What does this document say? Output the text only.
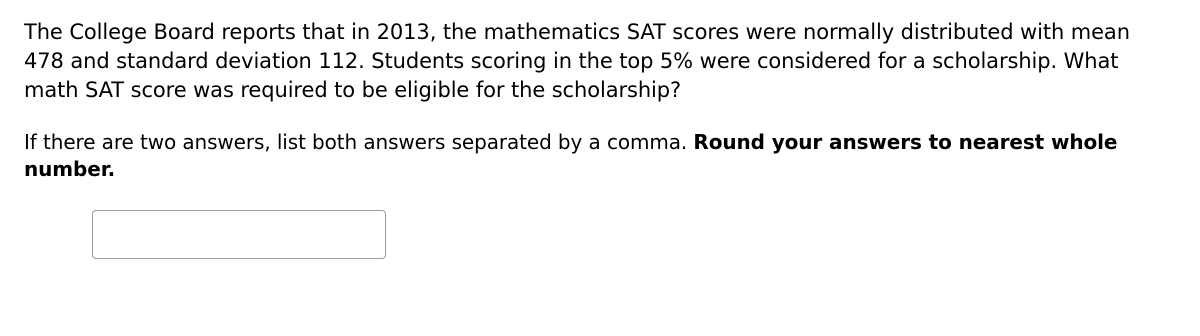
The College Board reports that in 2013, the mathematics SAT scores were normally distributed with mean 478 and standard deviation 112. Students scoring in the top 5% were considered for a scholarship. What math SAT score was required to be eligible for the scholarship?

If there are two answers, list both answers separated by a comma. Round your answers to nearest whole number.
